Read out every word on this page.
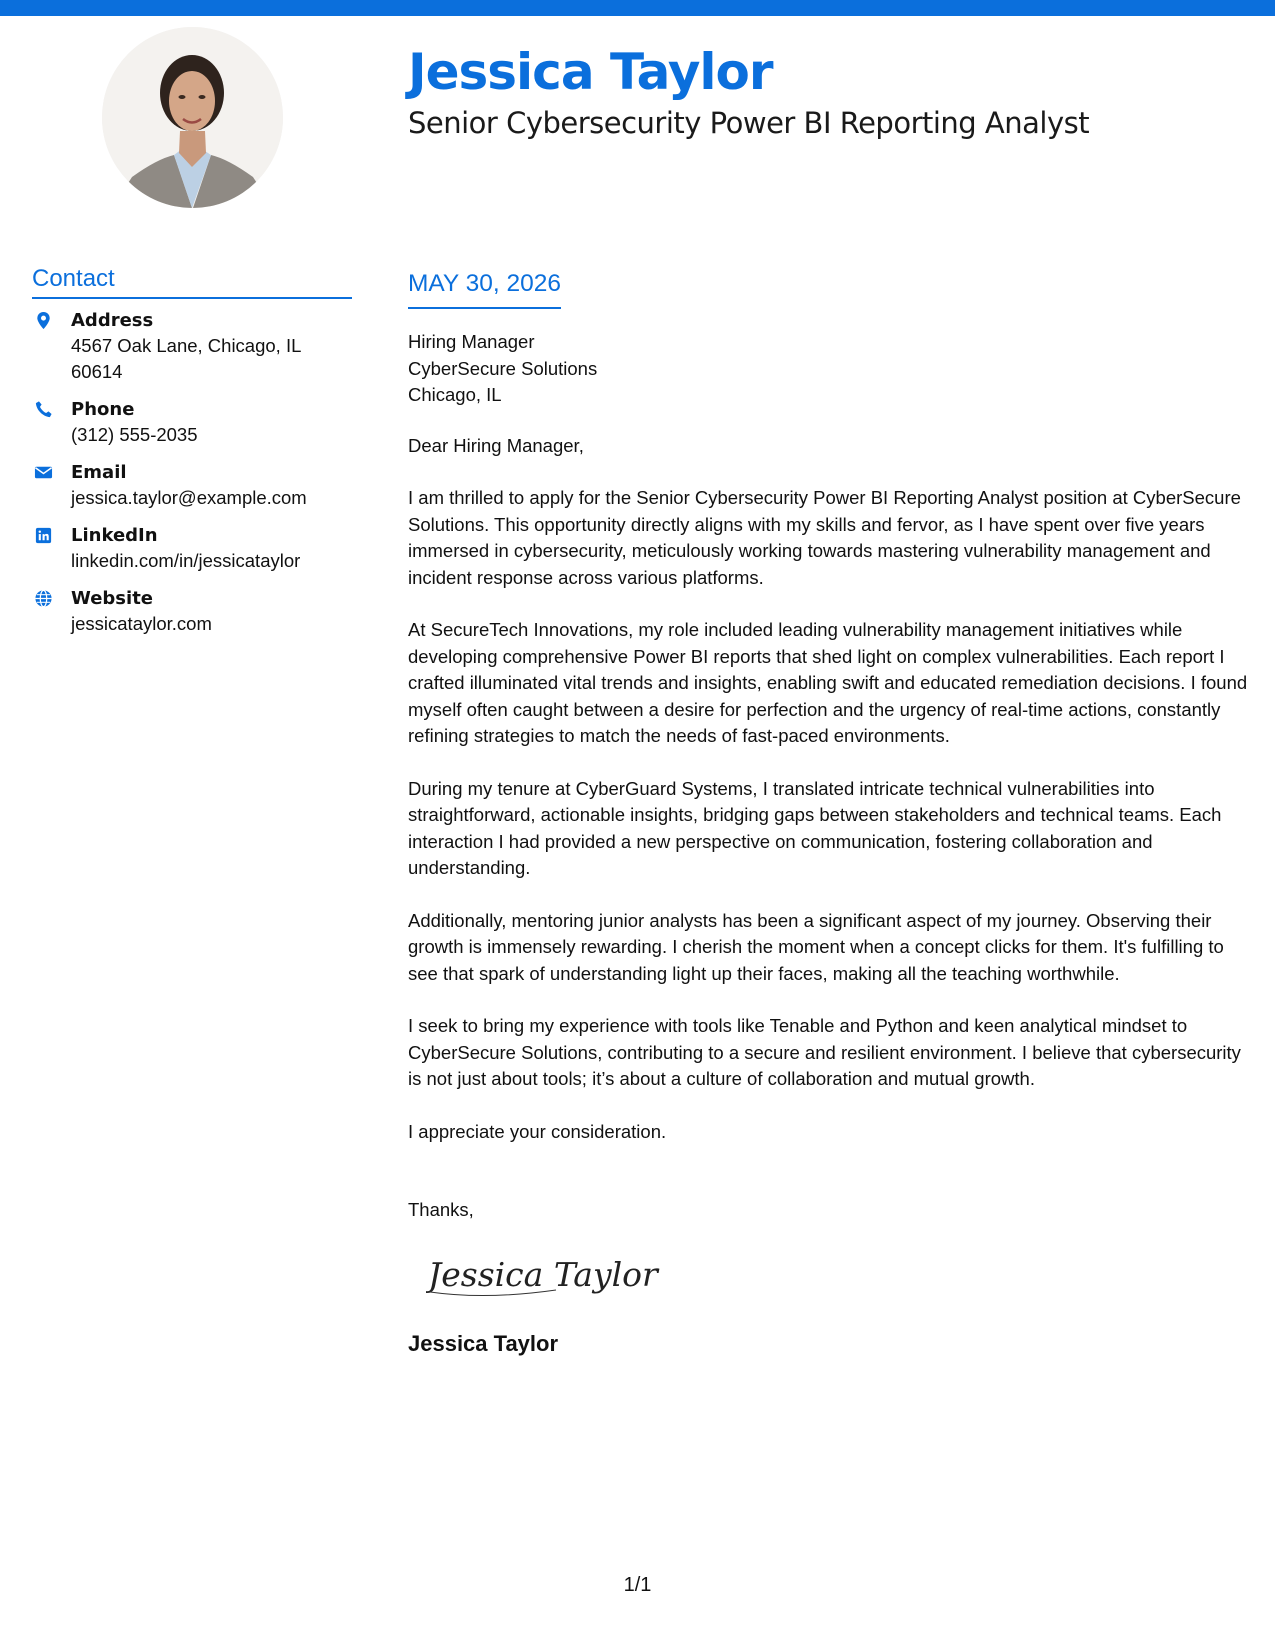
Jessica Taylor
Senior Cybersecurity Power BI Reporting Analyst
Contact
Address
4567 Oak Lane, Chicago, IL 60614
Phone
(312) 555-2035
Email
jessica.taylor@example.com
LinkedIn
linkedin.com/in/jessicataylor
Website
jessicataylor.com
MAY 30, 2026
Hiring Manager
CyberSecure Solutions
Chicago, IL
Dear Hiring Manager,
I am thrilled to apply for the Senior Cybersecurity Power BI Reporting Analyst position at CyberSecure Solutions. This opportunity directly aligns with my skills and fervor, as I have spent over five years immersed in cybersecurity, meticulously working towards mastering vulnerability management and incident response across various platforms.
At SecureTech Innovations, my role included leading vulnerability management initiatives while developing comprehensive Power BI reports that shed light on complex vulnerabilities. Each report I crafted illuminated vital trends and insights, enabling swift and educated remediation decisions. I found myself often caught between a desire for perfection and the urgency of real-time actions, constantly refining strategies to match the needs of fast-paced environments.
During my tenure at CyberGuard Systems, I translated intricate technical vulnerabilities into straightforward, actionable insights, bridging gaps between stakeholders and technical teams. Each interaction I had provided a new perspective on communication, fostering collaboration and understanding.
Additionally, mentoring junior analysts has been a significant aspect of my journey. Observing their growth is immensely rewarding. I cherish the moment when a concept clicks for them. It's fulfilling to see that spark of understanding light up their faces, making all the teaching worthwhile.
I seek to bring my experience with tools like Tenable and Python and keen analytical mindset to CyberSecure Solutions, contributing to a secure and resilient environment. I believe that cybersecurity is not just about tools; it’s about a culture of collaboration and mutual growth.
I appreciate your consideration.
Thanks,
Jessica Taylor
Jessica Taylor
1/1
